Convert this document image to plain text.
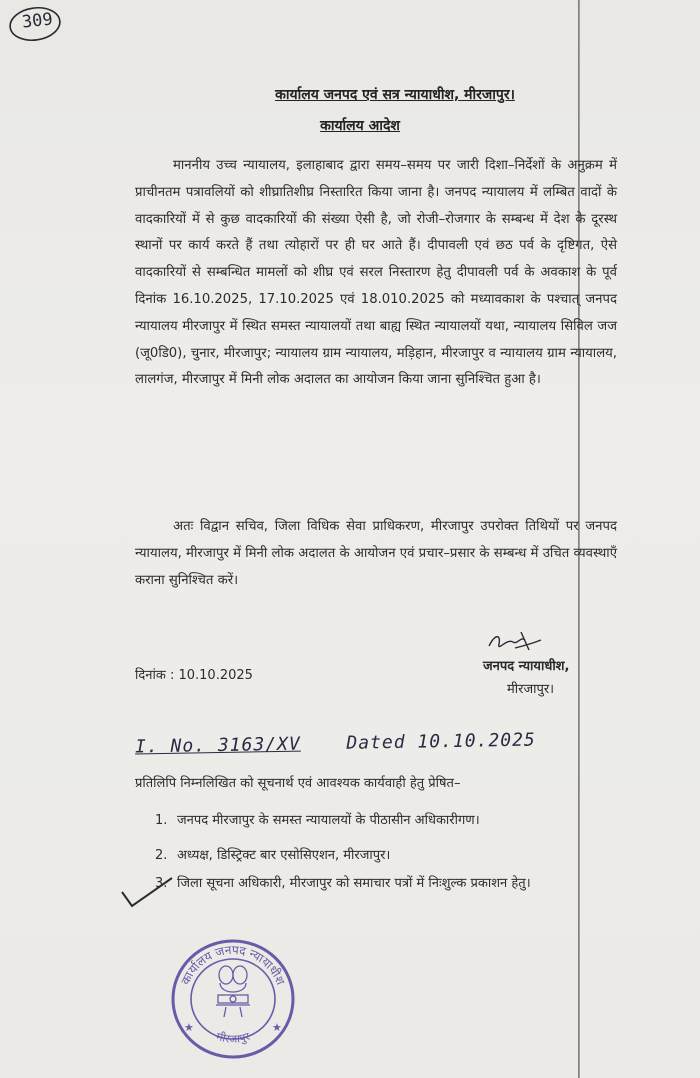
309
कार्यालय जनपद एवं सत्र न्यायाधीश, मीरजापुर।
कार्यालय आदेश
माननीय उच्च न्यायालय, इलाहाबाद द्वारा समय–समय पर जारी दिशा–निर्देशों के अनुक्रम में प्राचीनतम पत्रावलियों को शीघ्रातिशीघ्र निस्तारित किया जाना है। जनपद न्यायालय में लम्बित वादों के वादकारियों में से कुछ वादकारियों की संख्या ऐसी है, जो रोजी–रोजगार के सम्बन्ध में देश के दूरस्थ स्थानों पर कार्य करते हैं तथा त्योहारों पर ही घर आते हैं। दीपावली एवं छठ पर्व के दृष्टिगत, ऐसे वादकारियों से सम्बन्धित मामलों को शीघ्र एवं सरल निस्तारण हेतु दीपावली पर्व के अवकाश के पूर्व दिनांक 16.10.2025, 17.10.2025 एवं 18.010.2025 को मध्यावकाश के पश्चात् जनपद न्यायालय मीरजापुर में स्थित समस्त न्यायालयों तथा बाह्य स्थित न्यायालयों यथा, न्यायालय सिविल जज (जू0डि0), चुनार, मीरजापुर; न्यायालय ग्राम न्यायालय, मड़िहान, मीरजापुर व न्यायालय ग्राम न्यायालय, लालगंज, मीरजापुर में मिनी लोक अदालत का आयोजन किया जाना सुनिश्चित हुआ है।
अतः विद्वान सचिव, जिला विधिक सेवा प्राधिकरण, मीरजापुर उपरोक्त तिथियों पर जनपद न्यायालय, मीरजापुर में मिनी लोक अदालत के आयोजन एवं प्रचार–प्रसार के सम्बन्ध में उचित व्यवस्थाएँ कराना सुनिश्चित करें।
दिनांक : 10.10.2025
जनपद न्यायाधीश,
मीरजापुर।
I. No. 3163/XV	Dated 10.10.2025
प्रतिलिपि निम्नलिखित को सूचनार्थ एवं आवश्यक कार्यवाही हेतु प्रेषित–
1. जनपद मीरजापुर के समस्त न्यायालयों के पीठासीन अधिकारीगण।
2. अध्यक्ष, डिस्ट्रिक्ट बार एसोसिएशन, मीरजापुर।
3. जिला सूचना अधिकारी, मीरजापुर को समाचार पत्रों में निःशुल्क प्रकाशन हेतु।
कार्यालय जनपद न्यायाधीश
मीरजापुर
★	★
